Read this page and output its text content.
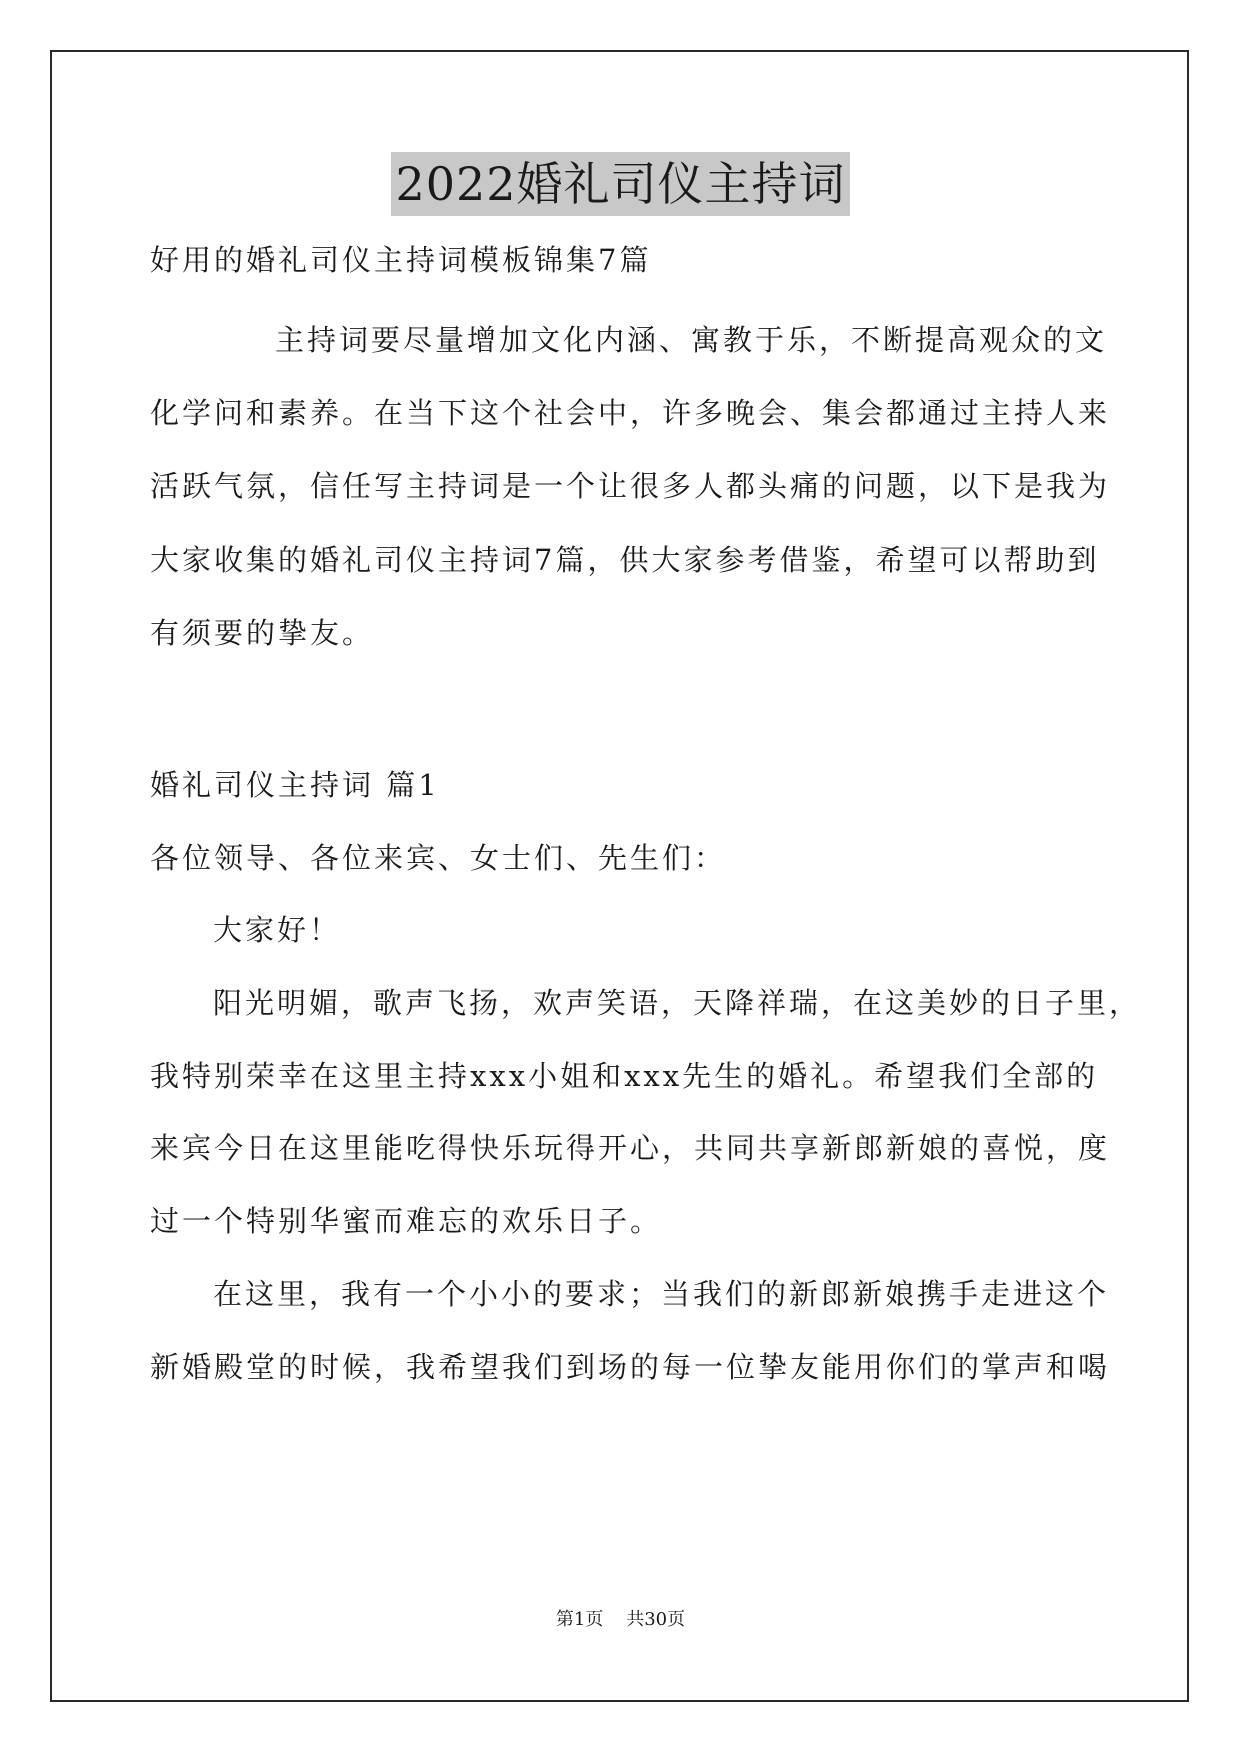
2022婚礼司仪主持词
好用的婚礼司仪主持词模板锦集7篇
主持词要尽量增加文化内涵、寓教于乐，不断提高观众的文
化学问和素养。在当下这个社会中，许多晚会、集会都通过主持人来
活跃气氛，信任写主持词是一个让很多人都头痛的问题，以下是我为
大家收集的婚礼司仪主持词7篇，供大家参考借鉴，希望可以帮助到
有须要的挚友。
婚礼司仪主持词 篇1
各位领导、各位来宾、女士们、先生们：
大家好！
阳光明媚，歌声飞扬，欢声笑语，天降祥瑞，在这美妙的日子里，
我特别荣幸在这里主持xxx小姐和xxx先生的婚礼。希望我们全部的
来宾今日在这里能吃得快乐玩得开心，共同共享新郎新娘的喜悦，度
过一个特别华蜜而难忘的欢乐日子。
在这里，我有一个小小的要求；当我们的新郎新娘携手走进这个
新婚殿堂的时候，我希望我们到场的每一位挚友能用你们的掌声和喝
第1页    共30页
